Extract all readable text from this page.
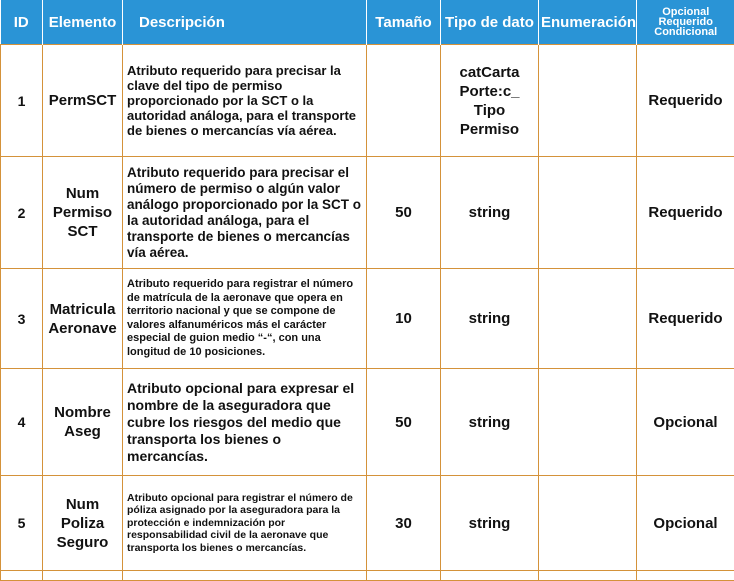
ID	Elemento	Descripción	Tamaño	Tipo de dato	Enumeración	Opcional Requerido Condicional
1	PermSCT	Atributo requerido para precisar la clave del tipo de permiso proporcionado por la SCT o la autoridad análoga, para el transporte de bienes o mercancías vía aérea.		catCarta
Porte:c_
Tipo
Permiso		Requerido
2	Num
Permiso
SCT	Atributo requerido para precisar el número de permiso o algún valor análogo proporcionado por la SCT o la autoridad análoga, para el transporte de bienes o mercancías vía aérea.	50	string		Requerido
3	Matricula
Aeronave	Atributo requerido para registrar el número de matrícula de la aeronave que opera en territorio nacional y que se compone de valores alfanuméricos más el carácter especial de guion medio “-“, con una longitud de 10 posiciones.	10	string		Requerido
4	Nombre
Aseg	Atributo opcional para expresar el nombre de la aseguradora que cubre los riesgos del medio que transporta los bienes o mercancías.	50	string		Opcional
5	Num
Poliza
Seguro	Atributo opcional para registrar el número de póliza asignado por la aseguradora para la protección e indemnización por responsabilidad civil de la aeronave que transporta los bienes o mercancías.	30	string		Opcional
